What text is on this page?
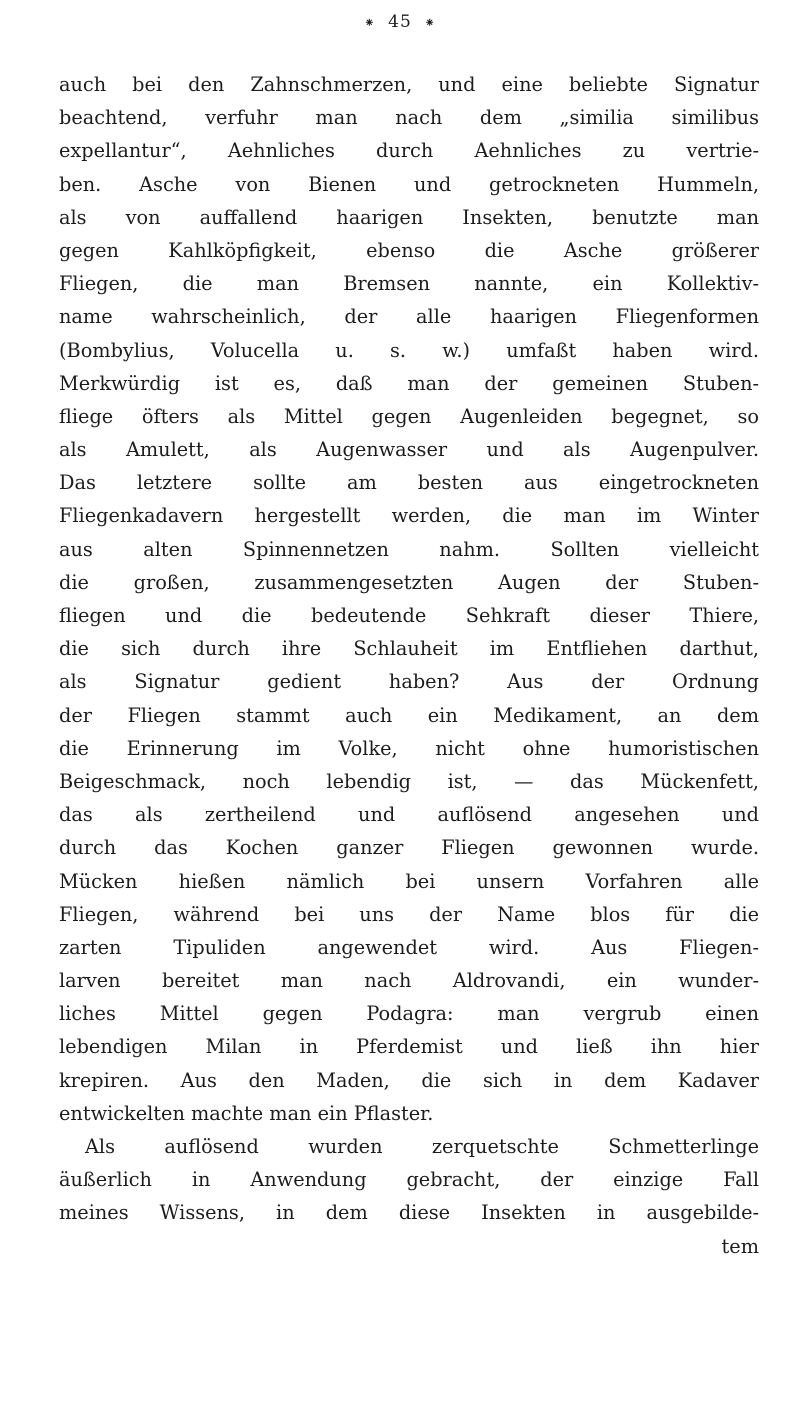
⁕ 45 ⁕
auch bei den Zahnschmerzen, und eine beliebte Signatur
beachtend, verfuhr man nach dem „similia similibus
expellantur“, Aehnliches durch Aehnliches zu vertrie-
ben. Asche von Bienen und getrockneten Hummeln,
als von auffallend haarigen Insekten, benutzte man
gegen Kahlköpfigkeit, ebenso die Asche größerer
Fliegen, die man Bremsen nannte, ein Kollektiv-
name wahrscheinlich, der alle haarigen Fliegenformen
(Bombylius, Volucella u. s. w.) umfaßt haben wird.
Merkwürdig ist es, daß man der gemeinen Stuben-
fliege öfters als Mittel gegen Augenleiden begegnet, so
als Amulett, als Augenwasser und als Augenpulver.
Das letztere sollte am besten aus eingetrockneten
Fliegenkadavern hergestellt werden, die man im Winter
aus alten Spinnennetzen nahm. Sollten vielleicht
die großen, zusammengesetzten Augen der Stuben-
fliegen und die bedeutende Sehkraft dieser Thiere,
die sich durch ihre Schlauheit im Entfliehen darthut,
als Signatur gedient haben? Aus der Ordnung
der Fliegen stammt auch ein Medikament, an dem
die Erinnerung im Volke, nicht ohne humoristischen
Beigeschmack, noch lebendig ist, — das Mückenfett,
das als zertheilend und auflösend angesehen und
durch das Kochen ganzer Fliegen gewonnen wurde.
Mücken hießen nämlich bei unsern Vorfahren alle
Fliegen, während bei uns der Name blos für die
zarten Tipuliden angewendet wird. Aus Fliegen-
larven bereitet man nach Aldrovandi, ein wunder-
liches Mittel gegen Podagra: man vergrub einen
lebendigen Milan in Pferdemist und ließ ihn hier
krepiren. Aus den Maden, die sich in dem Kadaver
entwickelten machte man ein Pflaster.
Als auflösend wurden zerquetschte Schmetterlinge
äußerlich in Anwendung gebracht, der einzige Fall
meines Wissens, in dem diese Insekten in ausgebilde-
tem
